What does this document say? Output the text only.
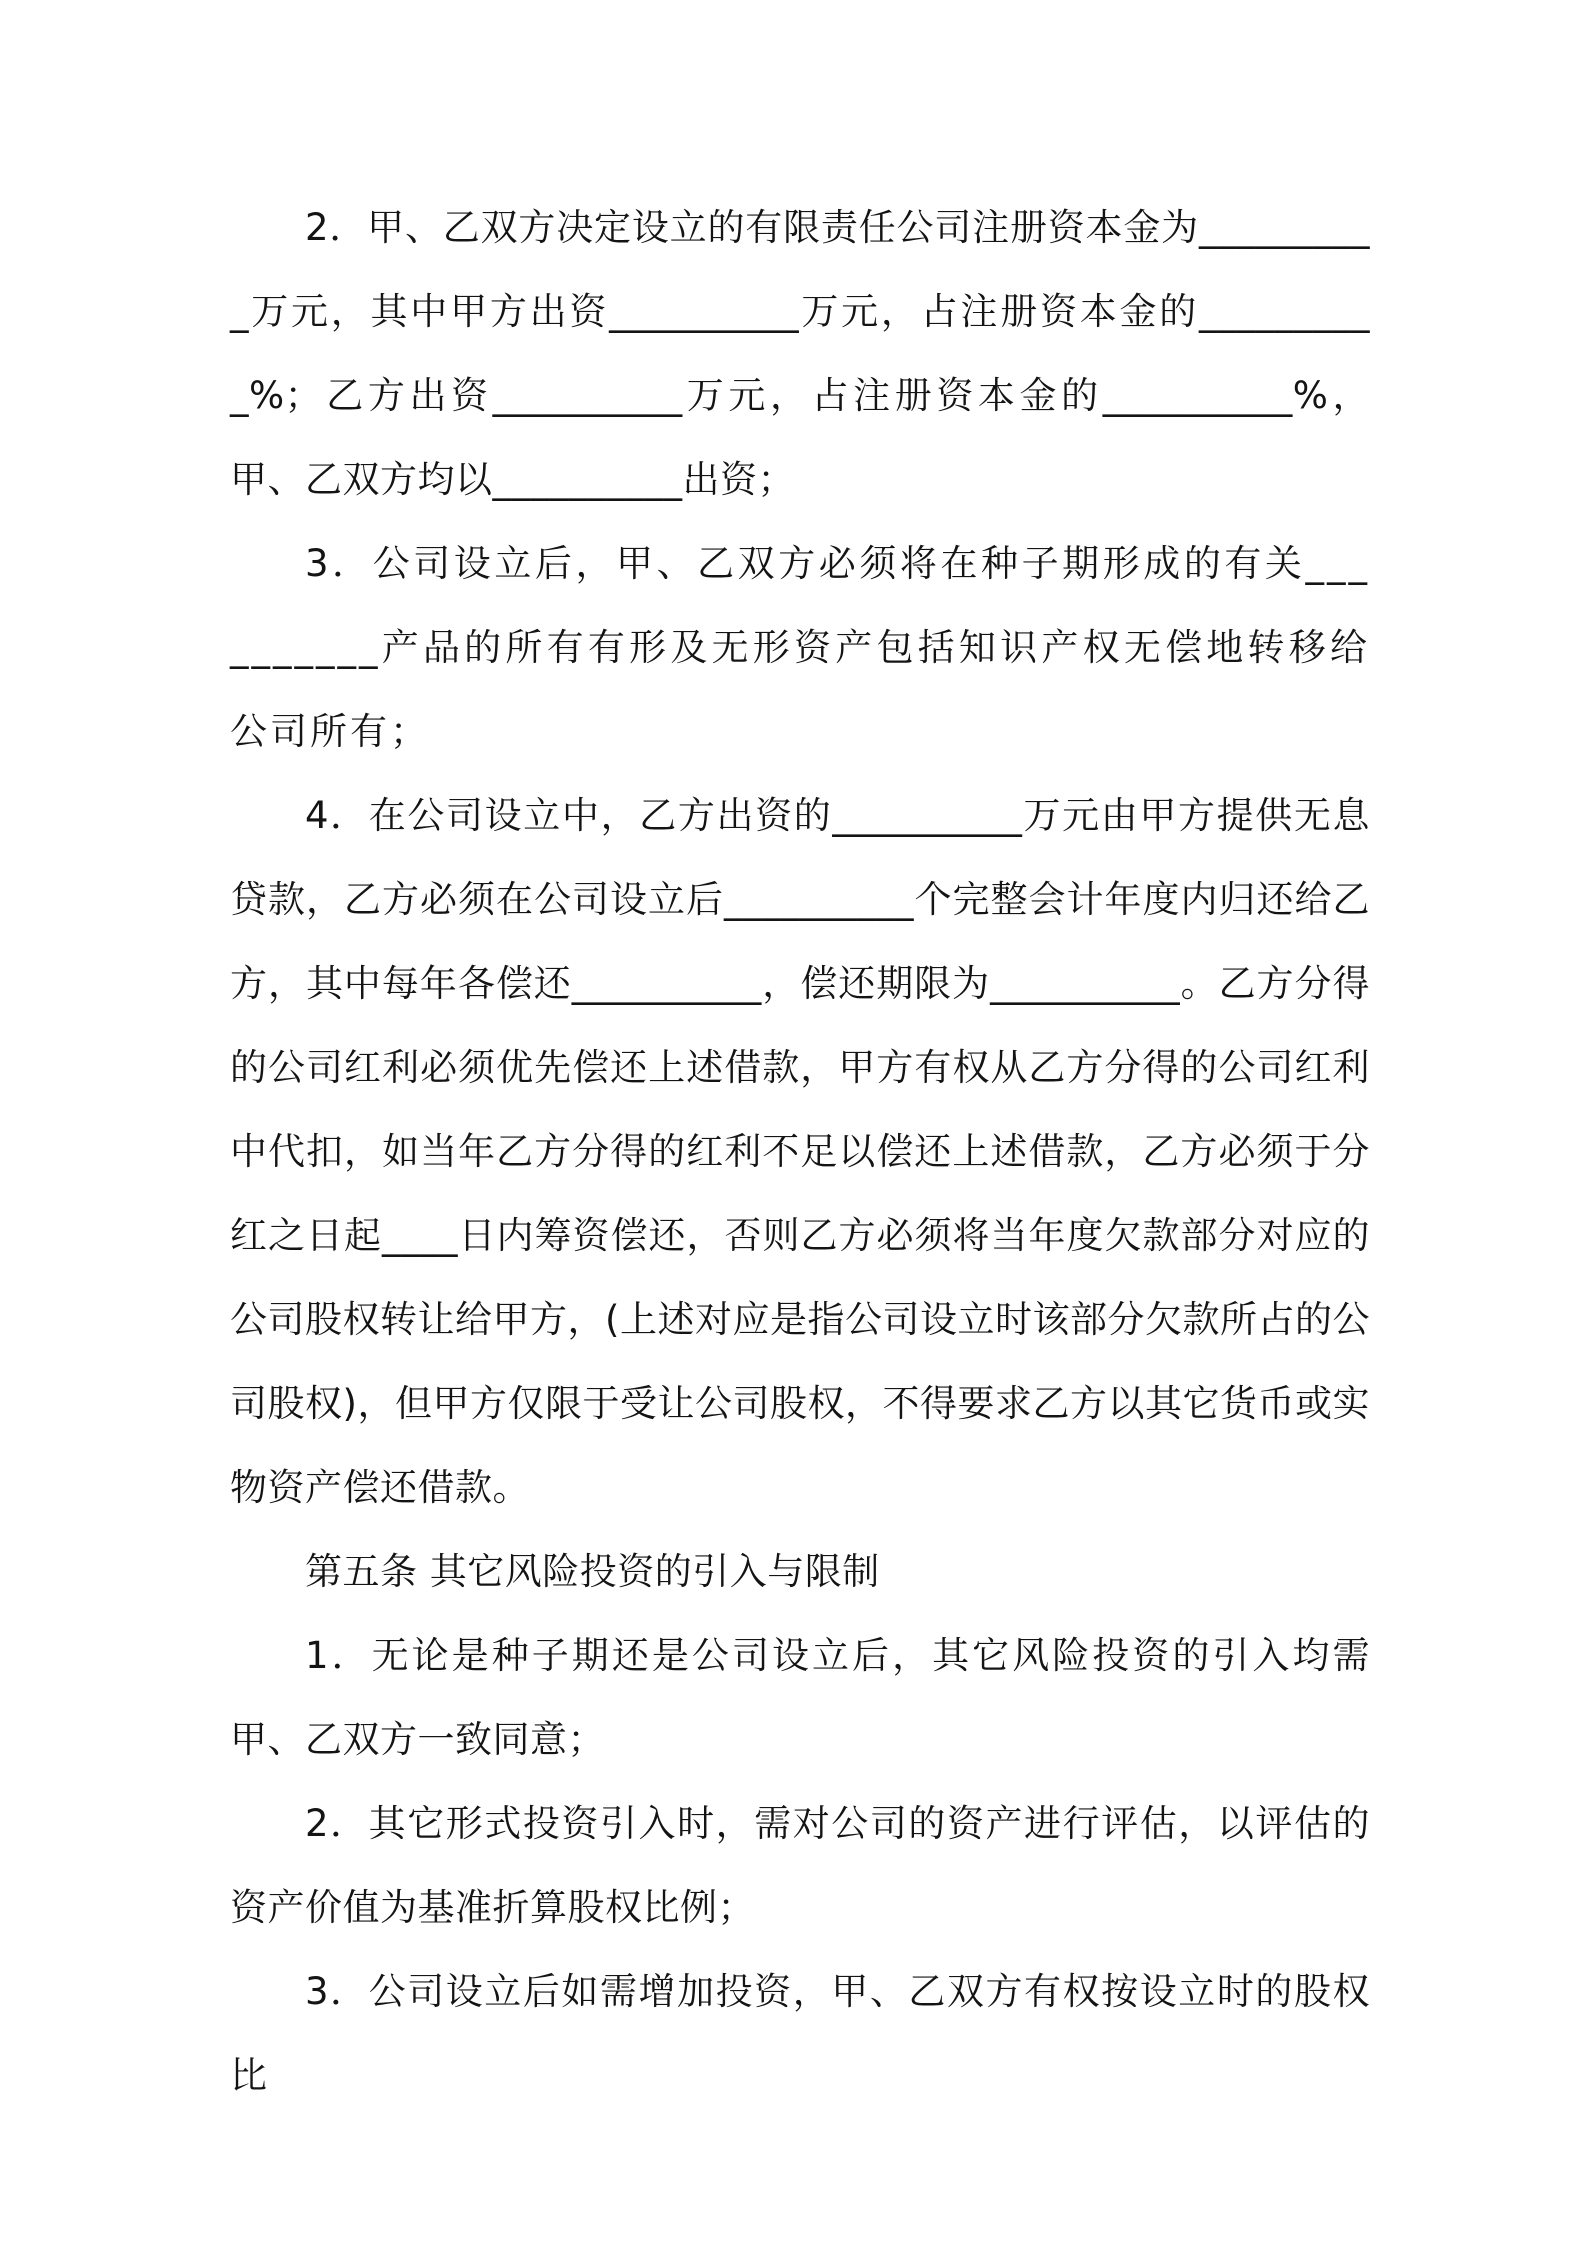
2．甲、乙双方决定设立的有限责任公司注册资本金为__________万元，其中甲方出资__________万元，占注册资本金的__________%；乙方出资__________万元，占注册资本金的__________%，甲、乙双方均以__________出资；

3．公司设立后，甲、乙双方必须将在种子期形成的有关__________产品的所有有形及无形资产包括知识产权无偿地转移给公司所有；

4．在公司设立中，乙方出资的__________万元由甲方提供无息贷款，乙方必须在公司设立后__________个完整会计年度内归还给乙方，其中每年各偿还__________，偿还期限为__________。乙方分得的公司红利必须优先偿还上述借款，甲方有权从乙方分得的公司红利中代扣，如当年乙方分得的红利不足以偿还上述借款，乙方必须于分红之日起____日内筹资偿还，否则乙方必须将当年度欠款部分对应的公司股权转让给甲方，(上述对应是指公司设立时该部分欠款所占的公司股权)，但甲方仅限于受让公司股权，不得要求乙方以其它货币或实物资产偿还借款。

第五条 其它风险投资的引入与限制

1．无论是种子期还是公司设立后，其它风险投资的引入均需甲、乙双方一致同意；

2．其它形式投资引入时，需对公司的资产进行评估，以评估的资产价值为基准折算股权比例；

3．公司设立后如需增加投资，甲、乙双方有权按设立时的股权比
